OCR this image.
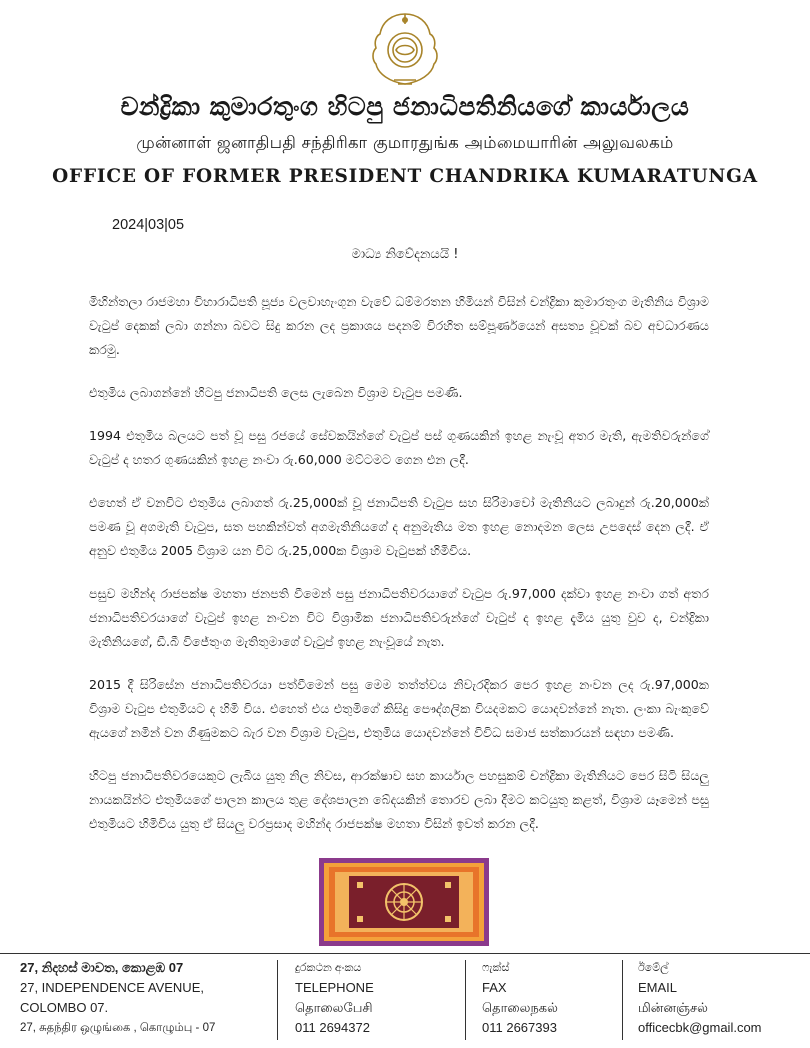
චන්ද්‍රිකා කුමාරතුංග හිටපු ජනාධිපතිනියගේ කාර්යාලය
முன்னாள் ஜனாதிபதி சந்திரிகா குமாரதுங்க அம்மையாரின் அலுவலகம்
OFFICE OF FORMER PRESIDENT CHANDRIKA KUMARATUNGA
2024|03|05
මාධ්‍ය නිවේදනයයි !

මිහින්තලා රාජමහා විහාරාධිපති පූජ්‍ය වලවාහැංගුන වැවේ ධම්මරතන හිමියන් විසින් චන්ද්‍රිකා කුමාරතුංග මැතිනිය විශ්‍රාම වැටුප් දෙකක් ලබා ගන්නා බවට සිදු කරන ලද ප්‍රකාශය පදනම් විරහිත සම්පූර්ණයෙන් අසත්‍ය වූවක් බව අවධාරණය කරමු.

එතුමිය ලබාගන්නේ හිටපු ජනාධිපති ලෙස ලැබෙන විශ්‍රාම වැටුප පමණි.

1994 එතුමිය බලයට පත් වූ පසු රජයේ සේවකයින්ගේ වැටුප් පස් ගුණයකින් ඉහළ නැංවූ අතර මැති, ඇමතිවරුන්ගේ වැටුප් ද හතර ගුණයකින් ඉහළ නංවා රු.60,000 මට්ටමට ගෙන එන ලදී.

එහෙත් ඒ වනවිට එතුමිය ලබාගත් රු.25,000ක් වූ ජනාධිපති වැටුප සහ සිරිමාවෝ මැතිනියට ලබාදුන් රු.20,000ක් පමණ වූ අගමැති වැටුප, සත පහකින්වත් අගමැතිනියගේ ද අනුමැතිය මත ඉහළ නොදමන ලෙස උපදෙස් දෙන ලදී. ඒ අනුව එතුමිය 2005 විශ්‍රාම යන විට රු.25,000ක විශ්‍රාම වැටුපක් හිමිවිය.

පසුව මහින්ද රාජපක්ෂ මහතා ජනපති වීමෙන් පසු ජනාධිපතිවරයාගේ වැටුප රු.97,000 දක්වා ඉහළ නංවා ගත් අතර ජනාධිපතිවරයාගේ වැටුප් ඉහළ නංවන විට විශ්‍රාමික ජනාධිපතිවරුන්ගේ වැටුප් ද ඉහළ දැමිය යුතු වුව ද, චන්ද්‍රිකා මැතිනියගේ, ඩී.බී විජේතුංග මැතිතුමාගේ වැටුප් ඉහළ නැංවූයේ නැත.

2015 දී සිරිසේන ජනාධිපතිවරයා පත්වීමෙන් පසු මෙම තත්ත්වය නිවැරදිකර පෙර ඉහළ නංවන ලද රු.97,000ක විශ්‍රාම වැටුප එතුමියට ද හිමි විය. එහෙත් එය එතුමිගේ කිසිදු පෞද්ගලික වියදමකට යොදවන්නේ නැත. ලංකා බැංකුවේ ඇයගේ නමින් වන ගිණුමකට බැර වන විශ්‍රාම වැටුප, එතුමිය යොදවන්නේ විවිධ සමාජ සත්කාරයන් සඳහා පමණි.

හිටපු ජනාධිපතිවරයෙකුට ලැබිය යුතු නිල නිවස, ආරක්ෂාව සහ කාර්යාල පහසුකම් චන්ද්‍රිකා මැතිනියට පෙර සිටි සියලු නායකයින්ට එතුමියගේ පාලන කාලය තුළ දේශපාලන බේදයකින් තොරව ලබා දීමට කටයුතු කළත්, විශ්‍රාම යෑමෙන් පසු එතුමියට හිමිවිය යුතු ඒ සියලු වරප්‍රසාද මහින්ද රාජපක්ෂ මහතා විසින් ඉවත් කරන ලදී.

27, නිදහස් මාවත, කොළඹ 07
27, INDEPENDENCE AVENUE,
COLOMBO 07.
27, சுதந்திர ஒழுங்கை , கொழும்பு - 07
දුරකථන අංකය
TELEPHONE
தொலைபேசி
011 2694372
ෆැක්ස්
FAX
தொலைநகல்
011 2667393
ඊමේල්
EMAIL
மின்னஞ்சல்
officecbk@gmail.com
